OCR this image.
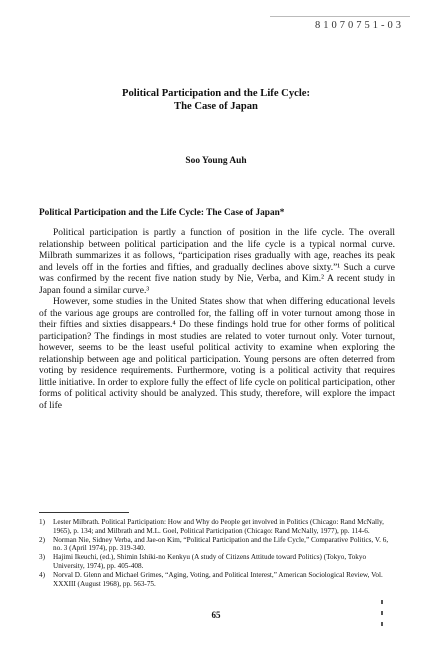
81070751-03
Political Participation and the Life Cycle:
The Case of Japan
Soo Young Auh
Political Participation and the Life Cycle: The Case of Japan*

Political participation is partly a function of position in the life cycle. The overall relationship between political participation and the life cycle is a typical normal curve. Milbrath summarizes it as follows, “participation rises gradually with age, reaches its peak and levels off in the forties and fifties, and gradually declines above sixty.”¹ Such a curve was confirmed by the recent five nation study by Nie, Verba, and Kim.² A recent study in Japan found a similar curve.³

However, some studies in the United States show that when differing educational levels of the various age groups are controlled for, the falling off in voter turnout among those in their fifties and sixties disappears.⁴ Do these findings hold true for other forms of political participation? The findings in most studies are related to voter turnout only. Voter turnout, however, seems to be the least useful political activity to examine when exploring the relationship between age and political participation. Young persons are often deterred from voting by residence requirements. Furthermore, voting is a political activity that requires little initiative. In order to explore fully the effect of life cycle on political participation, other forms of political activity should be analyzed. This study, therefore, will explore the impact of life

1)	Lester Milbrath. Political Participation: How and Why do People get involved in Politics (Chicago: Rand McNally, 1965), p. 134; and Milbrath and M.L. Goel, Political Participation (Chicago: Rand McNally, 1977), pp. 114-6.
2)	Norman Nie, Sidney Verba, and Jae-on Kim, “Political Participation and the Life Cycle,” Comparative Politics, V. 6, no. 3 (April 1974), pp. 319-340.
3)	Hajimi Ikeuchi, (ed.), Shimin Ishiki-no Kenkyu (A study of Citizens Attitude toward Politics) (Tokyo, Tokyo University, 1974), pp. 405-408.
4)	Norval D. Glenn and Michael Grimes, “Aging, Voting, and Political Interest,” American Sociological Review, Vol. XXXIII (August 1968), pp. 563-75.
65
